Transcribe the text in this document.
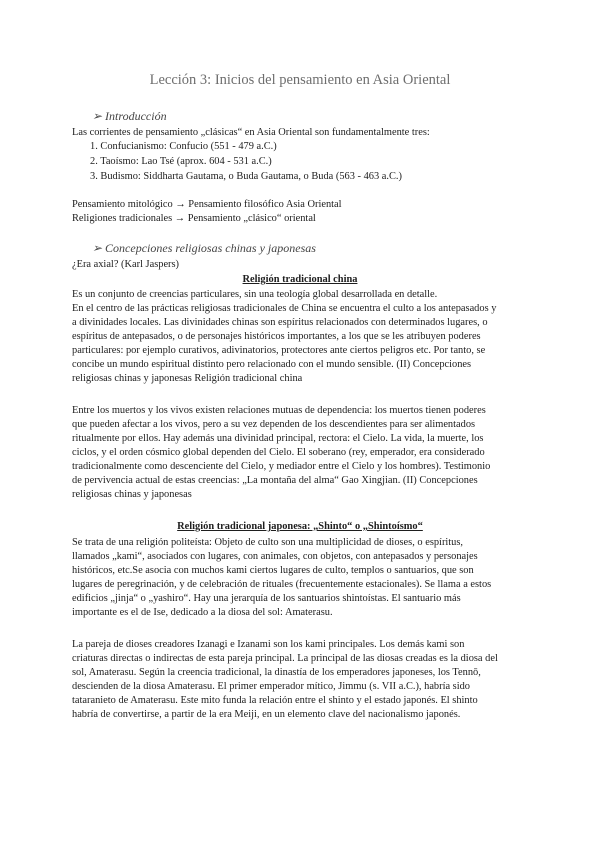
Lección 3: Inicios del pensamiento en Asia Oriental
➢ Introducción
Las corrientes de pensamiento „clásicas“ en Asia Oriental son fundamentalmente tres:
1. Confucianismo: Confucio (551 - 479 a.C.)
2. Taoísmo: Lao Tsé (aprox. 604 - 531 a.C.)
3. Budismo: Siddharta Gautama, o Buda Gautama, o Buda (563 - 463 a.C.)
Pensamiento mitológico → Pensamiento filosófico Asia Oriental
Religiones tradicionales → Pensamiento „clásico“ oriental
➢ Concepciones religiosas chinas y japonesas
¿Era axial? (Karl Jaspers)
Religión tradicional china
Es un conjunto de creencias particulares, sin una teología global desarrollada en detalle.
En el centro de las prácticas religiosas tradicionales de China se encuentra el culto a los antepasados y
a divinidades locales. Las divinidades chinas son espíritus relacionados con determinados lugares, o
espíritus de antepasados, o de personajes históricos importantes, a los que se les atribuyen poderes
particulares: por ejemplo curativos, adivinatorios, protectores ante ciertos peligros etc. Por tanto, se
concibe un mundo espiritual distinto pero relacionado con el mundo sensible. (II) Concepciones
religiosas chinas y japonesas Religión tradicional china
Entre los muertos y los vivos existen relaciones mutuas de dependencia: los muertos tienen poderes
que pueden afectar a los vivos, pero a su vez dependen de los descendientes para ser alimentados
ritualmente por ellos. Hay además una divinidad principal, rectora: el Cielo. La vida, la muerte, los
ciclos, y el orden cósmico global dependen del Cielo. El soberano (rey, emperador, era considerado
tradicionalmente como descenciente del Cielo, y mediador entre el Cielo y los hombres). Testimonio
de pervivencia actual de estas creencias: „La montaña del alma“ Gao Xingjian. (II) Concepciones
religiosas chinas y japonesas
Religión tradicional japonesa: „Shinto“ o „Shintoísmo“
Se trata de una religión politeísta: Objeto de culto son una multiplicidad de dioses, o espíritus,
llamados „kami“, asociados con lugares, con animales, con objetos, con antepasados y personajes
históricos, etc.Se asocia con muchos kami ciertos lugares de culto, templos o santuarios, que son
lugares de peregrinación, y de celebración de rituales (frecuentemente estacionales). Se llama a estos
edificios „jinja“ o „yashiro“. Hay una jerarquía de los santuarios shintoístas. El santuario más
importante es el de Ise, dedicado a la diosa del sol: Amaterasu.
La pareja de dioses creadores Izanagi e Izanami son los kami principales. Los demás kami son
criaturas directas o indirectas de esta pareja principal. La principal de las diosas creadas es la diosa del
sol, Amaterasu. Según la creencia tradicional, la dinastía de los emperadores japoneses, los Tennō,
descienden de la diosa Amaterasu. El primer emperador mítico, Jimmu (s. VII a.C.), habría sido
tataranieto de Amaterasu. Este mito funda la relación entre el shinto y el estado japonés. El shinto
habría de convertirse, a partir de la era Meiji, en un elemento clave del nacionalismo japonés.
